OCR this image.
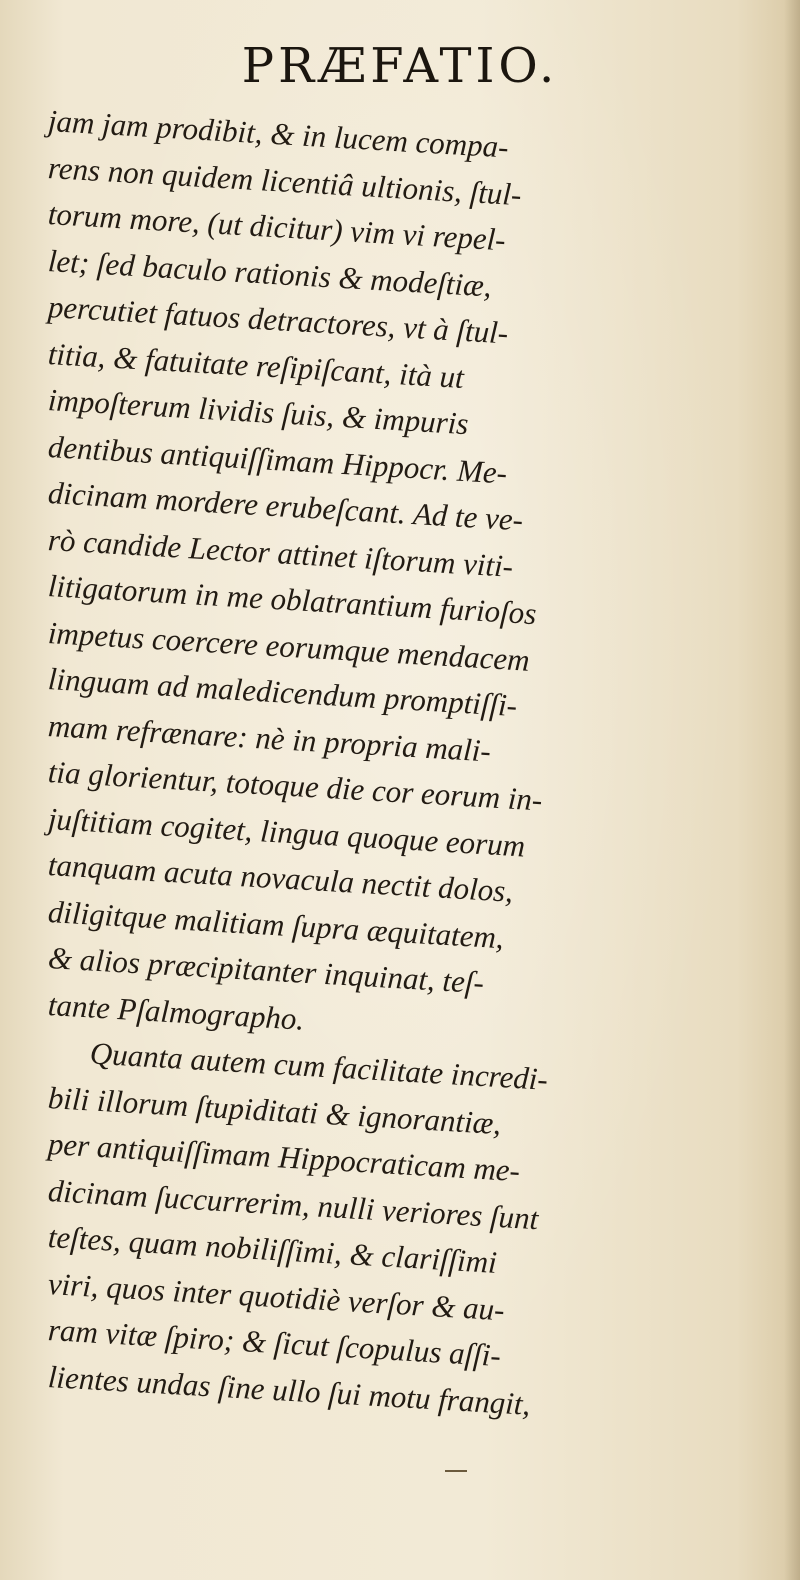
PRÆFATIO.
jam jam prodibit, & in lucem compa-
rens non quidem licentiâ ultionis, ſtul-
torum more, (ut dicitur) vim vi repel-
let; ſed baculo rationis & modeſtiæ,
percutiet fatuos detractores, vt à ſtul-
titia, & fatuitate reſipiſcant, ità ut
impoſterum lividis ſuis, & impuris
dentibus antiquiſſimam Hippocr. Me-
dicinam mordere erubeſcant. Ad te ve-
rò candide Lector attinet iſtorum viti-
litigatorum in me oblatrantium furioſos
impetus coercere eorumque mendacem
linguam ad maledicendum promptiſſi-
mam refrænare: nè in propria mali-
tia glorientur, totoque die cor eorum in-
juſtitiam cogitet, lingua quoque eorum
tanquam acuta novacula nectit dolos,
diligitque malitiam ſupra æquitatem,
& alios præcipitanter inquinat, teſ-
tante Pſalmographo.
Quanta autem cum facilitate incredi-
bili illorum ſtupiditati & ignorantiæ,
per antiquiſſimam Hippocraticam me-
dicinam ſuccurrerim, nulli veriores ſunt
teſtes, quam nobiliſſimi, & clariſſimi
viri, quos inter quotidiè verſor & au-
ram vitæ ſpiro; & ſicut ſcopulus aſſi-
lientes undas ſine ullo ſui motu frangit,
